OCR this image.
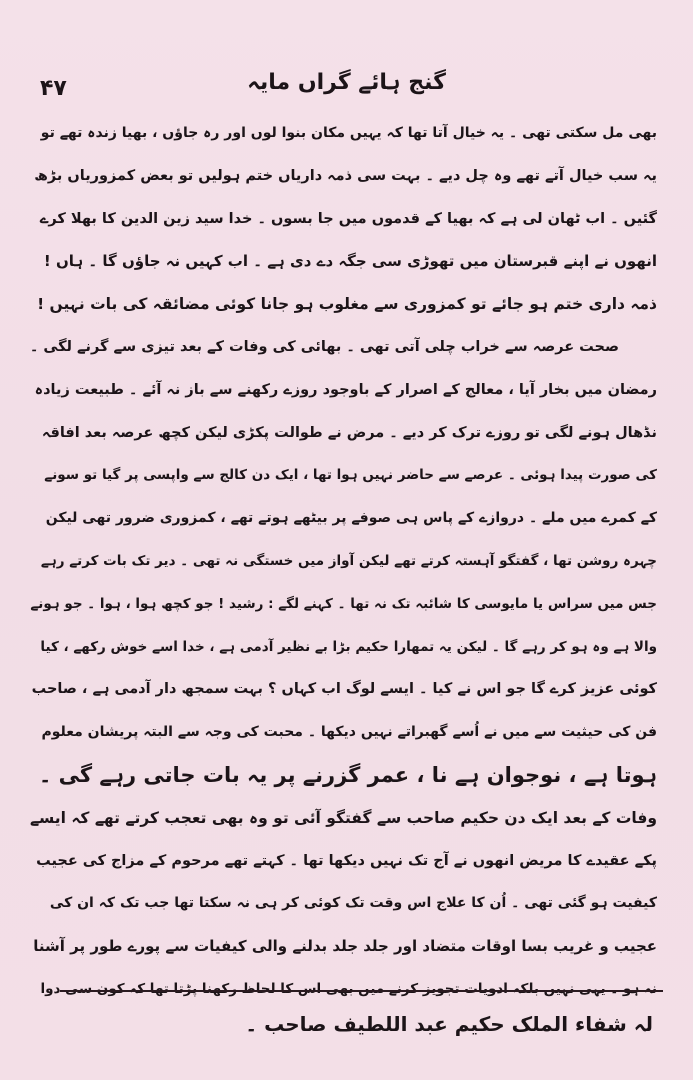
۴۷	گنج ہائے گراں مایہ
بھی مل سکتی تھی ۔ یہ خیال آتا تھا کہ یہیں مکان بنوا لوں اور رہ جاؤں ، بھیا زندہ تھے تو
یہ سب خیال آتے تھے وہ چل دیے ۔ بہت سی ذمہ داریاں ختم ہولیں تو بعض کمزوریاں بڑھ
گئیں ۔ اب ٹھان لی ہے کہ بھیا کے قدموں میں جا بسوں ۔ خدا سید زین الدین کا بھلا کرے
انھوں نے اپنے قبرستان میں تھوڑی سی جگہ دے دی ہے ۔ اب کہیں نہ جاؤں گا ۔ ہاں !
ذمہ داری ختم ہو جائے تو کمزوری سے مغلوب ہو جانا کوئی مضائقہ کی بات نہیں !
صحت عرصہ سے خراب چلی آتی تھی ۔ بھائی کی وفات کے بعد تیزی سے گرنے لگی ۔
رمضان میں بخار آیا ، معالج کے اصرار کے باوجود روزے رکھنے سے باز نہ آئے ۔ طبیعت زیادہ
نڈھال ہونے لگی تو روزے ترک کر دیے ۔ مرض نے طوالت پکڑی لیکن کچھ عرصہ بعد افاقہ
کی صورت پیدا ہوئی ۔ عرصے سے حاضر نہیں ہوا تھا ، ایک دن کالج سے واپسی پر گیا تو سونے
کے کمرے میں ملے ۔ دروازے کے پاس ہی صوفے پر بیٹھے ہوتے تھے ، کمزوری ضرور تھی لیکن
چہرہ روشن تھا ، گفتگو آہستہ کرتے تھے لیکن آواز میں خستگی نہ تھی ۔ دیر تک بات کرتے رہے
جس میں سراس یا مایوسی کا شائبہ تک نہ تھا ۔ کہنے لگے : رشید ! جو کچھ ہوا ، ہوا ۔ جو ہونے
والا ہے وہ ہو کر رہے گا ۔ لیکن یہ تمھارا حکیم بڑا بے نظیر آدمی ہے ، خدا اسے خوش رکھے ، کیا
کوئی عزیز کرے گا جو اس نے کیا ۔ ایسے لوگ اب کہاں ؟ بہت سمجھ دار آدمی ہے ، صاحب
فن کی حیثیت سے میں نے اُسے گھبراتے نہیں دیکھا ۔ محبت کی وجہ سے البتہ پریشان معلوم
ہوتا ہے ، نوجوان ہے نا ، عمر گزرنے پر یہ بات جاتی رہے گی ۔
وفات کے بعد ایک دن حکیم صاحب سے گفتگو آئی تو وہ بھی تعجب کرتے تھے کہ ایسے
پکے عقیدے کا مریض انھوں نے آج تک نہیں دیکھا تھا ۔ کہتے تھے مرحوم کے مزاج کی عجیب
کیفیت ہو گئی تھی ۔ اُن کا علاج اس وقت تک کوئی کر ہی نہ سکتا تھا جب تک کہ ان کی
عجیب و غریب بسا اوقات متضاد اور جلد جلد بدلنے والی کیفیات سے پورے طور پر آشنا
نہ ہو ۔ یہی نہیں بلکہ ادویات تجویز کرنے میں بھی اس کا لحاظ رکھنا پڑتا تھا کہ کون سی دوا
لہ شفاء الملک حکیم عبد اللطیف صاحب ۔
